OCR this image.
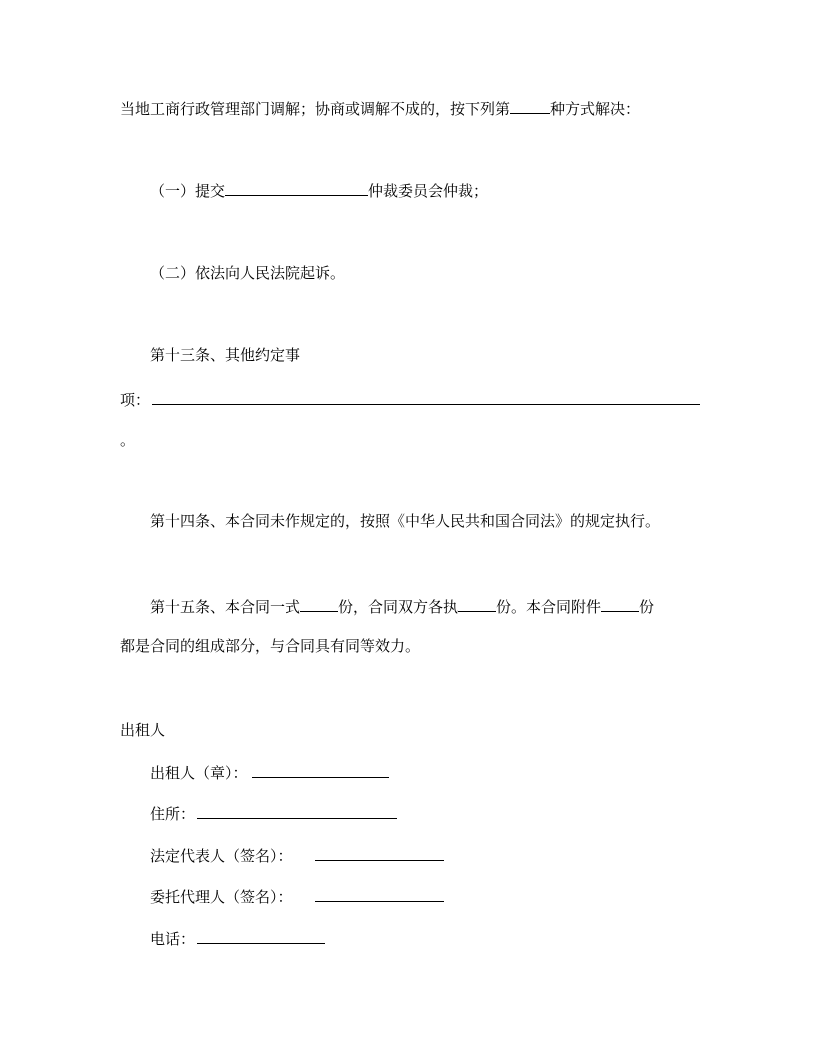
当地工商行政管理部门调解；协商或调解不成的，按下列第	种方式解决：
（一）提交	仲裁委员会仲裁；
（二）依法向人民法院起诉。
第十三条、其他约定事
项：
。
第十四条、本合同未作规定的，按照《中华人民共和国合同法》的规定执行。
第十五条、本合同一式	份，合同双方各执	份。本合同附件	份
都是合同的组成部分，与合同具有同等效力。
出租人
出租人（章）：
住所：
法定代表人（签名）：
委托代理人（签名）：
电话：
